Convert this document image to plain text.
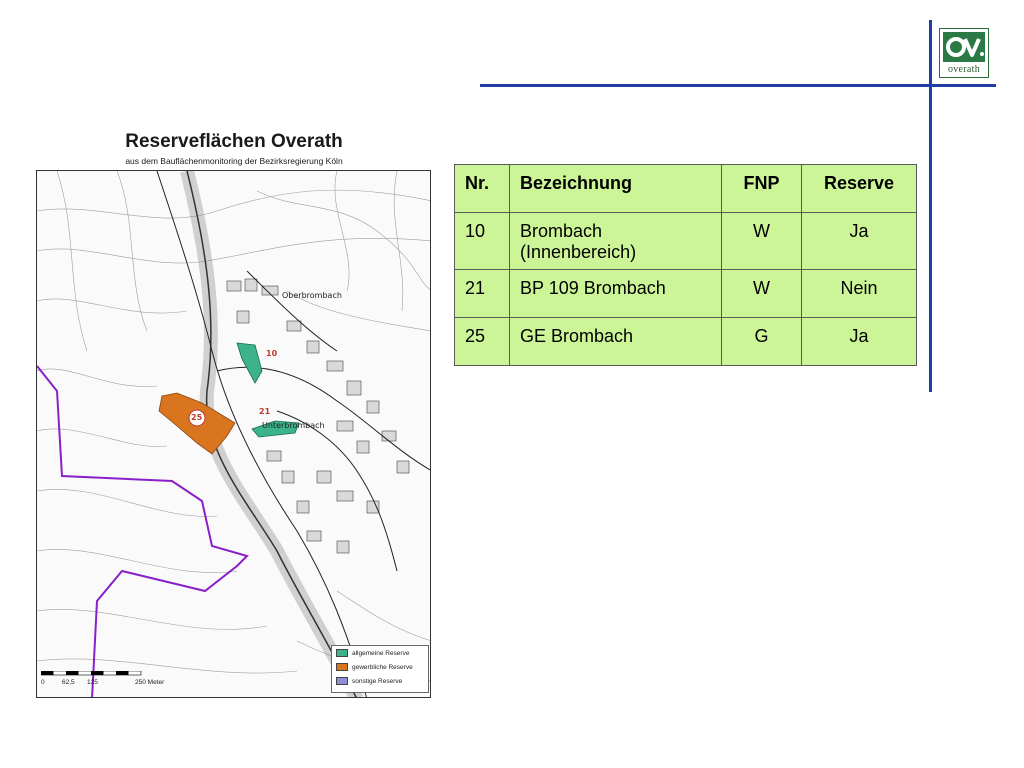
overath
Reserveflächen Overath
aus dem Bauflächenmonitoring der Bezirksregierung Köln
10
21
25
Oberbrombach
Unterbrombach
allgemeine Reserve
gewerbliche Reserve
sonstige Reserve
0	62,5 125	250 Meter
Nr.	Bezeichnung	FNP	Reserve
10	Brombach
(Innenbereich)	W	Ja
21	BP 109 Brombach	W	Nein
25	GE Brombach	G	Ja
